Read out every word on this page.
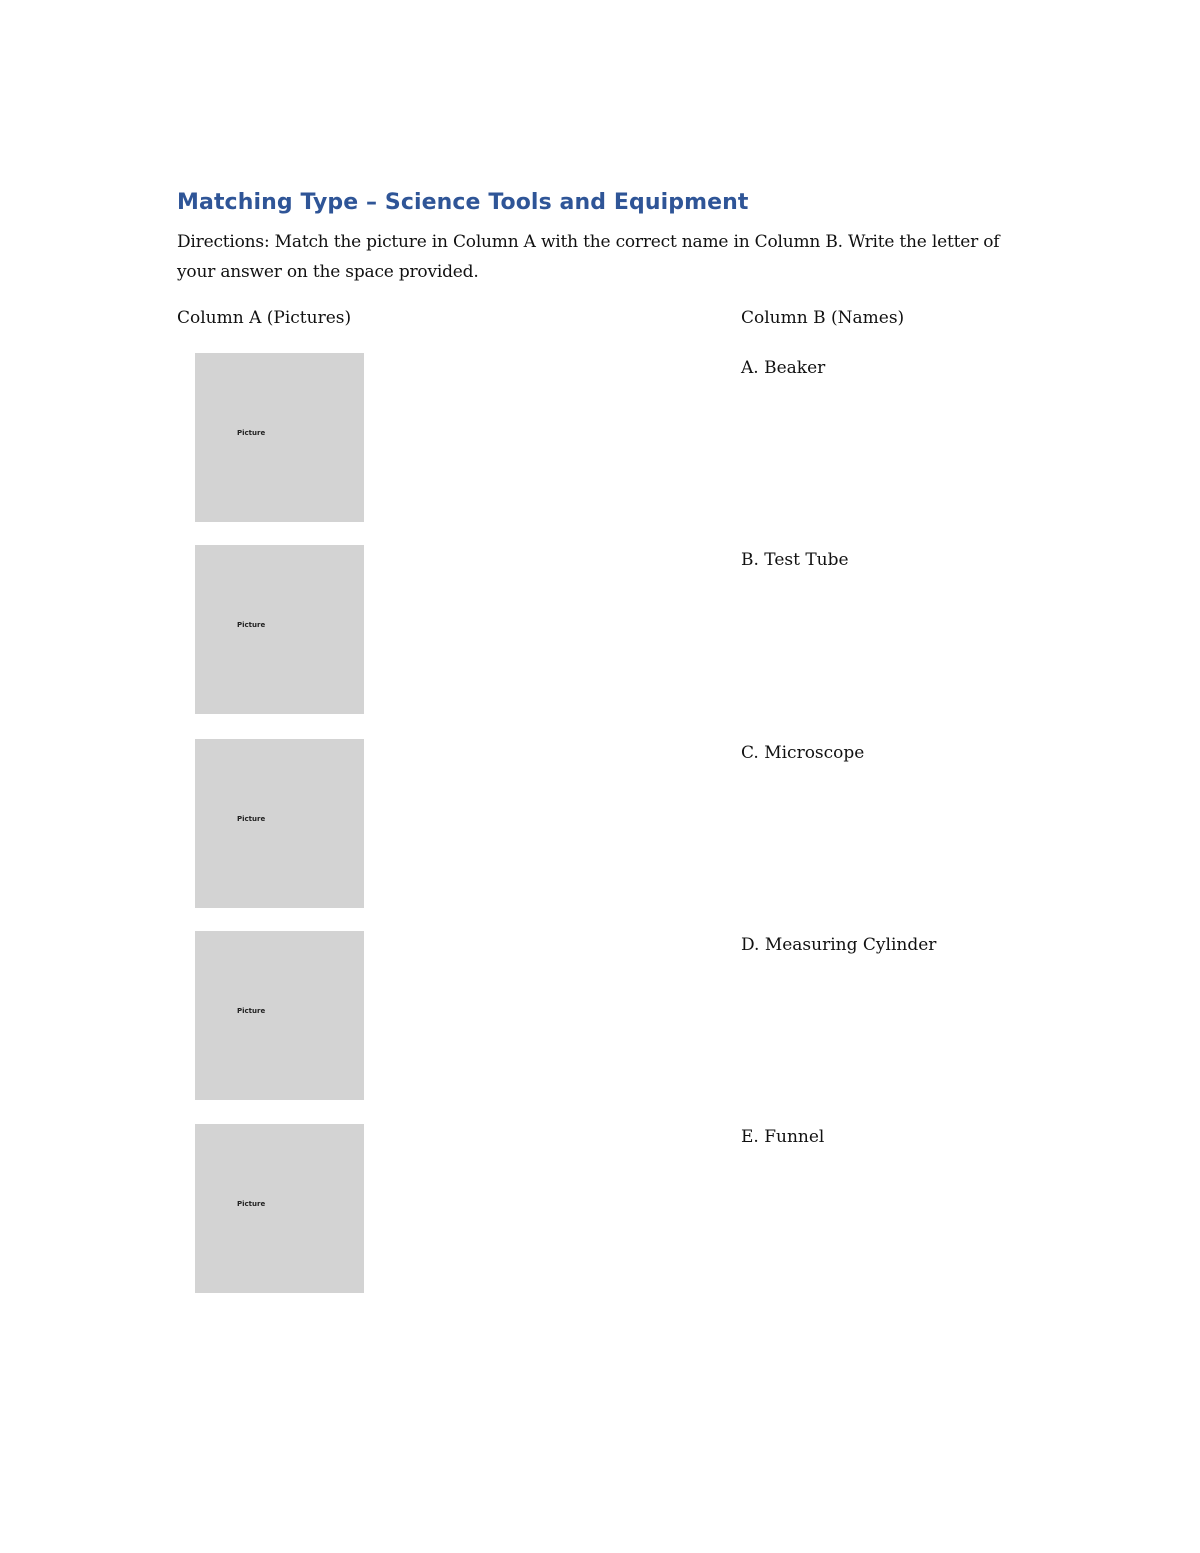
Matching Type – Science Tools and Equipment
Directions: Match the picture in Column A with the correct name in Column B. Write the letter of your answer on the space provided.
Column A (Pictures)	Column B (Names)
Picture
Picture
Picture
Picture
Picture
A. Beaker
B. Test Tube
C. Microscope
D. Measuring Cylinder
E. Funnel
